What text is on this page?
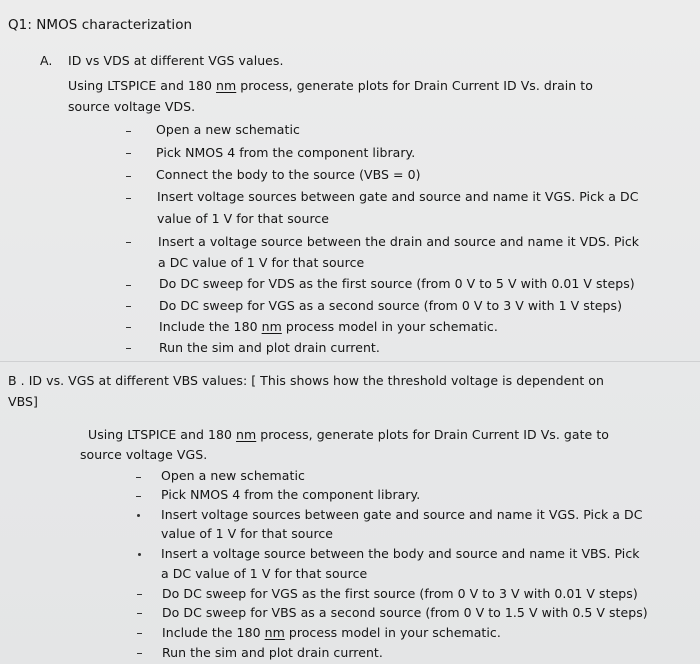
Q1: NMOS characterization
A. ID vs VDS at different VGS values.
Using LTSPICE and 180 nm process, generate plots for Drain Current ID Vs. drain to
source voltage VDS.
Open a new schematic
Pick NMOS 4 from the component library.
Connect the body to the source (VBS = 0)
Insert voltage sources between gate and source and name it VGS. Pick a DC
value of 1 V for that source
Insert a voltage source between the drain and source and name it VDS. Pick
a DC value of 1 V for that source
Do DC sweep for VDS as the first source (from 0 V to 5 V with 0.01 V steps)
Do DC sweep for VGS as a second source (from 0 V to 3 V with 1 V steps)
Include the 180 nm process model in your schematic.
Run the sim and plot drain current.
B . ID vs. VGS at different VBS values: [ This shows how the threshold voltage is dependent on
VBS]
Using LTSPICE and 180 nm process, generate plots for Drain Current ID Vs. gate to
source voltage VGS.
Open a new schematic
Pick NMOS 4 from the component library.
Insert voltage sources between gate and source and name it VGS. Pick a DC
value of 1 V for that source
Insert a voltage source between the body and source and name it VBS. Pick
a DC value of 1 V for that source
Do DC sweep for VGS as the first source (from 0 V to 3 V with 0.01 V steps)
Do DC sweep for VBS as a second source (from 0 V to 1.5 V with 0.5 V steps)
Include the 180 nm process model in your schematic.
Run the sim and plot drain current.
